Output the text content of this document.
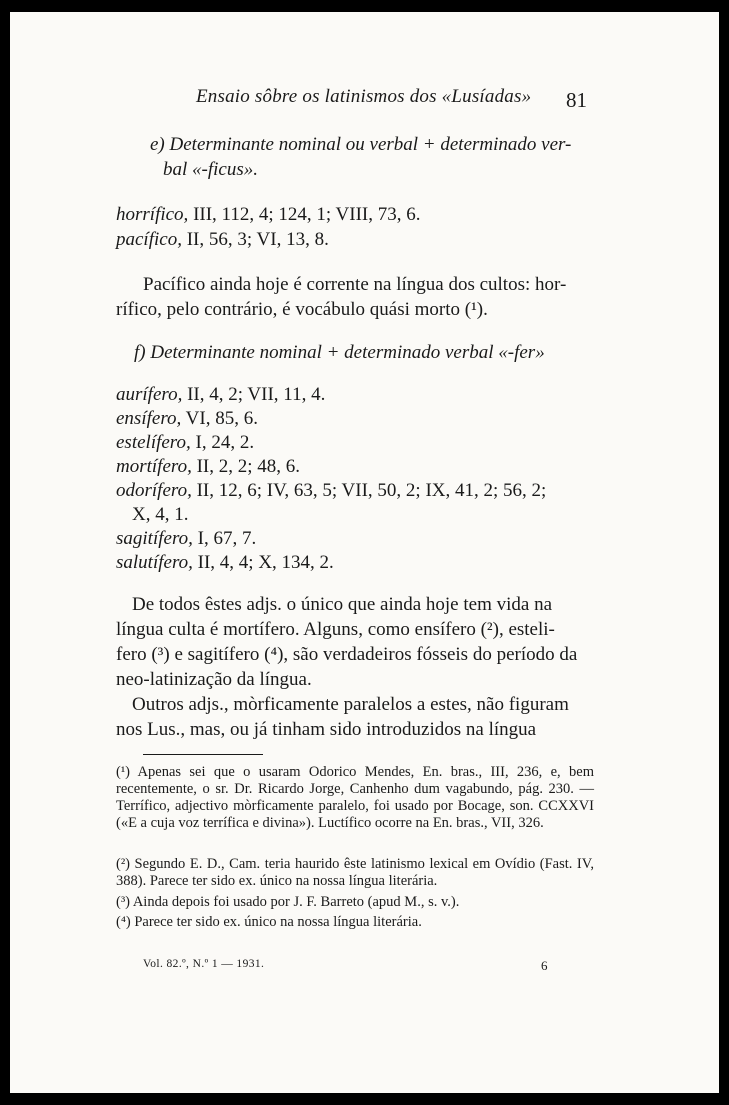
Ensaio sôbre os latinismos dos «Lusíadas»	81
e) Determinante nominal ou verbal + determinado ver-
bal «-ficus».
horrífico, III, 112, 4; 124, 1; VIII, 73, 6.
pacífico, II, 56, 3; VI, 13, 8.
Pacífico ainda hoje é corrente na língua dos cultos: hor-
rífico, pelo contrário, é vocábulo quási morto (¹).
f) Determinante nominal + determinado verbal «-fer»
aurífero, II, 4, 2; VII, 11, 4.
ensífero, VI, 85, 6.
estelífero, I, 24, 2.
mortífero, II, 2, 2; 48, 6.
odorífero, II, 12, 6; IV, 63, 5; VII, 50, 2; IX, 41, 2; 56, 2;
X, 4, 1.
sagitífero, I, 67, 7.
salutífero, II, 4, 4; X, 134, 2.
De todos êstes adjs. o único que ainda hoje tem vida na
língua culta é mortífero. Alguns, como ensífero (²), esteli-
fero (³) e sagitífero (⁴), são verdadeiros fósseis do período da
neo-latinização da língua.
Outros adjs., mòrficamente paralelos a estes, não figuram
nos Lus., mas, ou já tinham sido introduzidos na língua
(¹) Apenas sei que o usaram Odorico Mendes, En. bras., III, 236, e, bem recentemente, o sr. Dr. Ricardo Jorge, Canhenho dum vagabundo, pág. 230. — Terrífico, adjectivo mòrficamente paralelo, foi usado por Bocage, son. CCXXVI («E a cuja voz terrífica e divina»). Luctífico ocorre na En. bras., VII, 326.
(²) Segundo E. D., Cam. teria haurido êste latinismo lexical em Ovídio (Fast. IV, 388). Parece ter sido ex. único na nossa língua literária.
(³) Ainda depois foi usado por J. F. Barreto (apud M., s. v.).
(⁴) Parece ter sido ex. único na nossa língua literária.
Vol. 82.º, N.º 1 — 1931.	6
